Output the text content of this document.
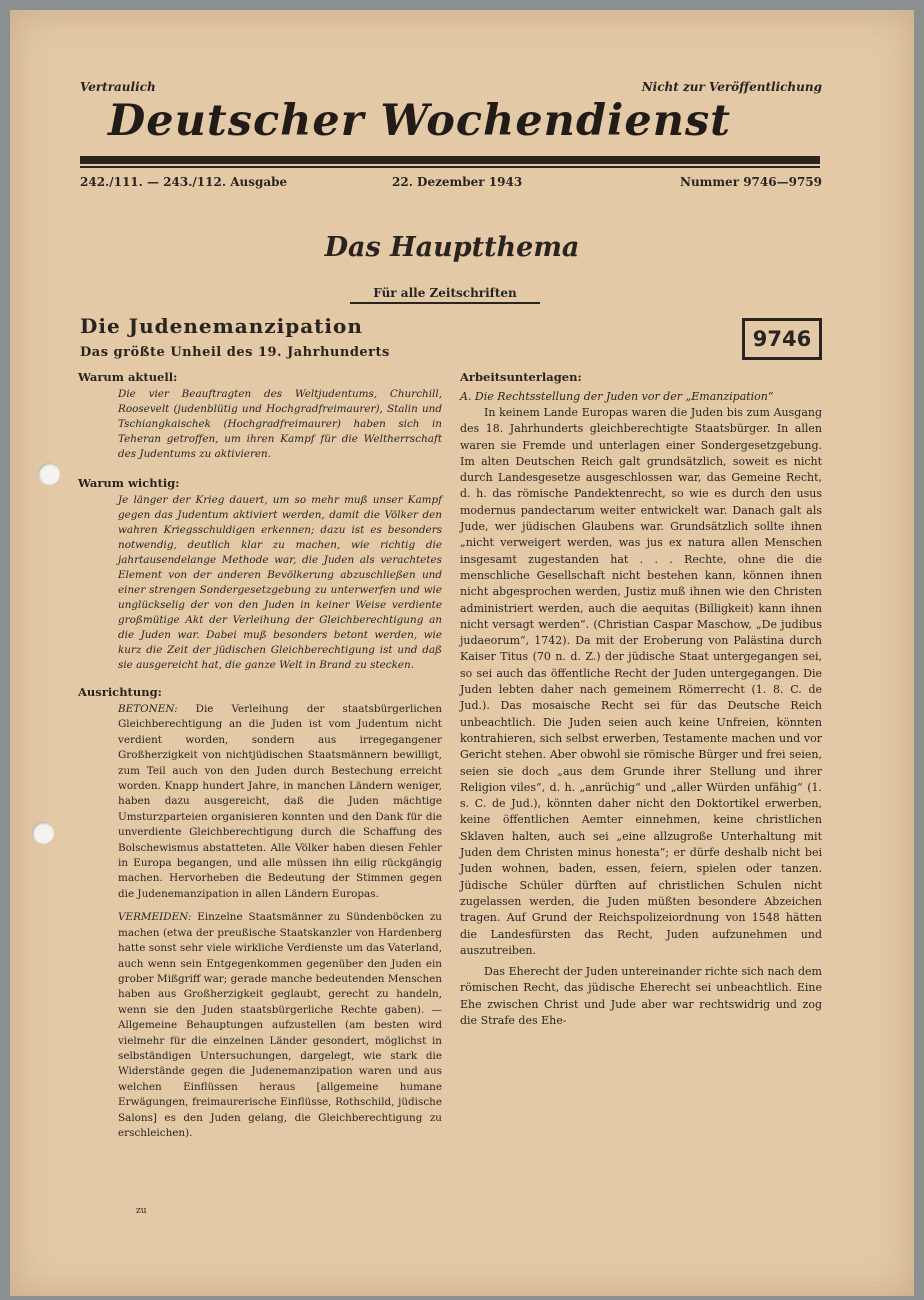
Vertraulich	Nicht zur Veröffentlichung
Deutscher Wochendienst
242./111. — 243./112. Ausgabe	22. Dezember 1943	Nummer 9746—9759
Das Hauptthema
Für alle Zeitschriften
Die Judenemanzipation
Das größte Unheil des 19. Jahrhunderts
9746
Warum aktuell:

Die vier Beauftragten des Weltjudentums, Churchill, Roosevelt (judenblütig und Hochgradfreimaurer), Stalin und Tschiangkaischek (Hochgradfreimaurer) haben sich in Teheran getroffen, um ihren Kampf für die Weltherrschaft des Judentums zu aktivieren.

Warum wichtig:

Je länger der Krieg dauert, um so mehr muß unser Kampf gegen das Judentum aktiviert werden, damit die Völker den wahren Kriegsschuldigen erkennen; dazu ist es besonders notwendig, deutlich klar zu machen, wie richtig die jahrtausendelange Methode war, die Juden als verachtetes Element von der anderen Bevölkerung abzuschließen und einer strengen Sondergesetzgebung zu unterwerfen und wie unglückselig der von den Juden in keiner Weise verdiente großmütige Akt der Verleihung der Gleichberechtigung an die Juden war. Dabei muß besonders betont werden, wie kurz die Zeit der jüdischen Gleichberechtigung ist und daß sie ausgereicht hat, die ganze Welt in Brand zu stecken.

Ausrichtung:

BETONEN: Die Verleihung der staatsbürgerlichen Gleichberechtigung an die Juden ist vom Judentum nicht verdient worden, sondern aus irregegangener Großherzigkeit von nichtjüdischen Staatsmännern bewilligt, zum Teil auch von den Juden durch Bestechung erreicht worden. Knapp hundert Jahre, in manchen Ländern weniger, haben dazu ausgereicht, daß die Juden mächtige Umsturzparteien organisieren konnten und den Dank für die unverdiente Gleichberechtigung durch die Schaffung des Bolschewismus abstatteten. Alle Völker haben diesen Fehler in Europa begangen, und alle müssen ihn eilig rückgängig machen. Hervorheben die Bedeutung der Stimmen gegen die Judenemanzipation in allen Ländern Europas.

VERMEIDEN: Einzelne Staatsmänner zu Sündenböcken zu machen (etwa der preußische Staatskanzler von Hardenberg hatte sonst sehr viele wirkliche Verdienste um das Vaterland, auch wenn sein Entgegenkommen gegenüber den Juden ein grober Mißgriff war; gerade manche bedeutenden Menschen haben aus Großherzigkeit geglaubt, gerecht zu handeln, wenn sie den Juden staatsbürgerliche Rechte gaben). — Allgemeine Behauptungen aufzustellen (am besten wird vielmehr für die einzelnen Länder gesondert, möglichst in selbständigen Untersuchungen, dargelegt, wie stark die Widerstände gegen die Judenemanzipation waren und aus welchen Einflüssen heraus [allgemeine humane Erwägungen, freimaurerische Einflüsse, Rothschild, jüdische Salons] es den Juden gelang, die Gleichberechtigung zu erschleichen).

Arbeitsunterlagen:
A. Die Rechtsstellung der Juden vor der „Emanzipation“

In keinem Lande Europas waren die Juden bis zum Ausgang des 18. Jahrhunderts gleichberechtigte Staatsbürger. In allen waren sie Fremde und unterlagen einer Sondergesetzgebung. Im alten Deutschen Reich galt grundsätzlich, soweit es nicht durch Landesgesetze ausgeschlossen war, das Gemeine Recht, d. h. das römische Pandektenrecht, so wie es durch den usus modernus pandectarum weiter entwickelt war. Danach galt als Jude, wer jüdischen Glaubens war. Grundsätzlich sollte ihnen „nicht verweigert werden, was jus ex natura allen Menschen insgesamt zugestanden hat . . . Rechte, ohne die die menschliche Gesellschaft nicht bestehen kann, können ihnen nicht abgesprochen werden, Justiz muß ihnen wie den Christen administriert werden, auch die aequitas (Billigkeit) kann ihnen nicht versagt werden“. (Christian Caspar Maschow, „De judibus judaeorum“, 1742). Da mit der Eroberung von Palästina durch Kaiser Titus (70 n. d. Z.) der jüdische Staat untergegangen sei, so sei auch das öffentliche Recht der Juden untergegangen. Die Juden lebten daher nach gemeinem Römerrecht (1. 8. C. de Jud.). Das mosaische Recht sei für das Deutsche Reich unbeachtlich. Die Juden seien auch keine Unfreien, könnten kontrahieren, sich selbst erwerben, Testamente machen und vor Gericht stehen. Aber obwohl sie römische Bürger und frei seien, seien sie doch „aus dem Grunde ihrer Stellung und ihrer Religion viles“, d. h. „anrüchig“ und „aller Würden unfähig“ (1. s. C. de Jud.), könnten daher nicht den Doktortikel erwerben, keine öffentlichen Aemter einnehmen, keine christlichen Sklaven halten, auch sei „eine allzugroße Unterhaltung mit Juden dem Christen minus honesta“; er dürfe deshalb nicht bei Juden wohnen, baden, essen, feiern, spielen oder tanzen. Jüdische Schüler dürften auf christlichen Schulen nicht zugelassen werden, die Juden müßten besondere Abzeichen tragen. Auf Grund der Reichspolizeiordnung von 1548 hätten die Landesfürsten das Recht, Juden aufzunehmen und auszutreiben.

Das Eherecht der Juden untereinander richte sich nach dem römischen Recht, das jüdische Eherecht sei unbeachtlich. Eine Ehe zwischen Christ und Jude aber war rechtswidrig und zog die Strafe des Ehe-

zu
